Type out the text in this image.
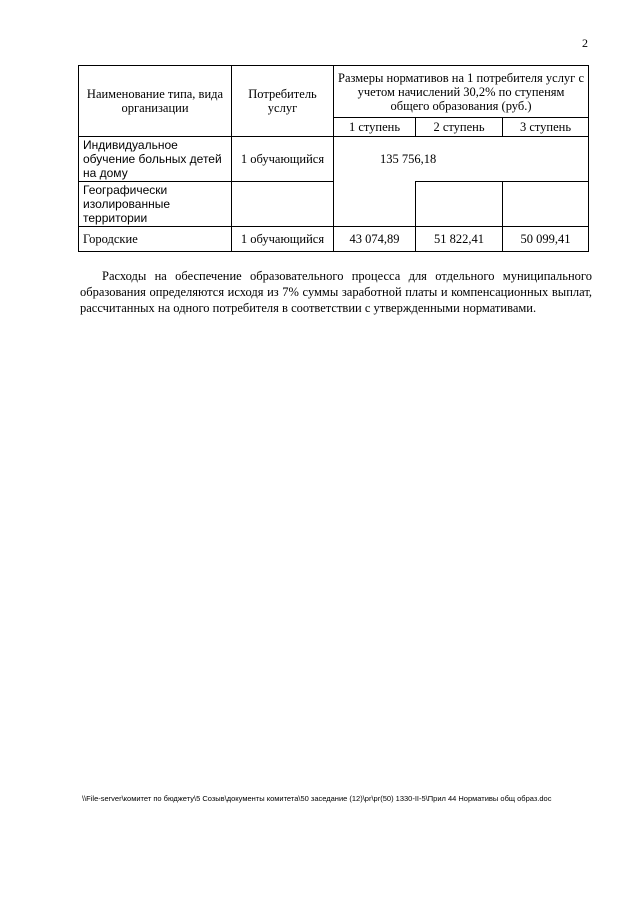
2
Наименование типа, вида организации	Потребитель услуг	Размеры нормативов на 1 потребителя услуг с учетом начислений 30,2% по ступеням общего образования (руб.)		
		1 ступень	2 ступень	3 ступень
Индивидуальное обучение больных детей на дому	1 обучающийся	135 756,18		
Географически изолированные территории				
Городские	1 обучающийся	43 074,89	51 822,41	50 099,41

Расходы на обеспечение образовательного процесса для отдельного муниципального образования определяются исходя из 7% суммы заработной платы и компенсационных выплат, рассчитанных на одного потребителя в соответствии с утвержденными нормативами.

\\File-server\комитет по бюджету\5 Созыв\документы комитета\50 заседание (12)\pr\pr(50) 1330-II-5\Прил 44 Нормативы общ образ.doc
